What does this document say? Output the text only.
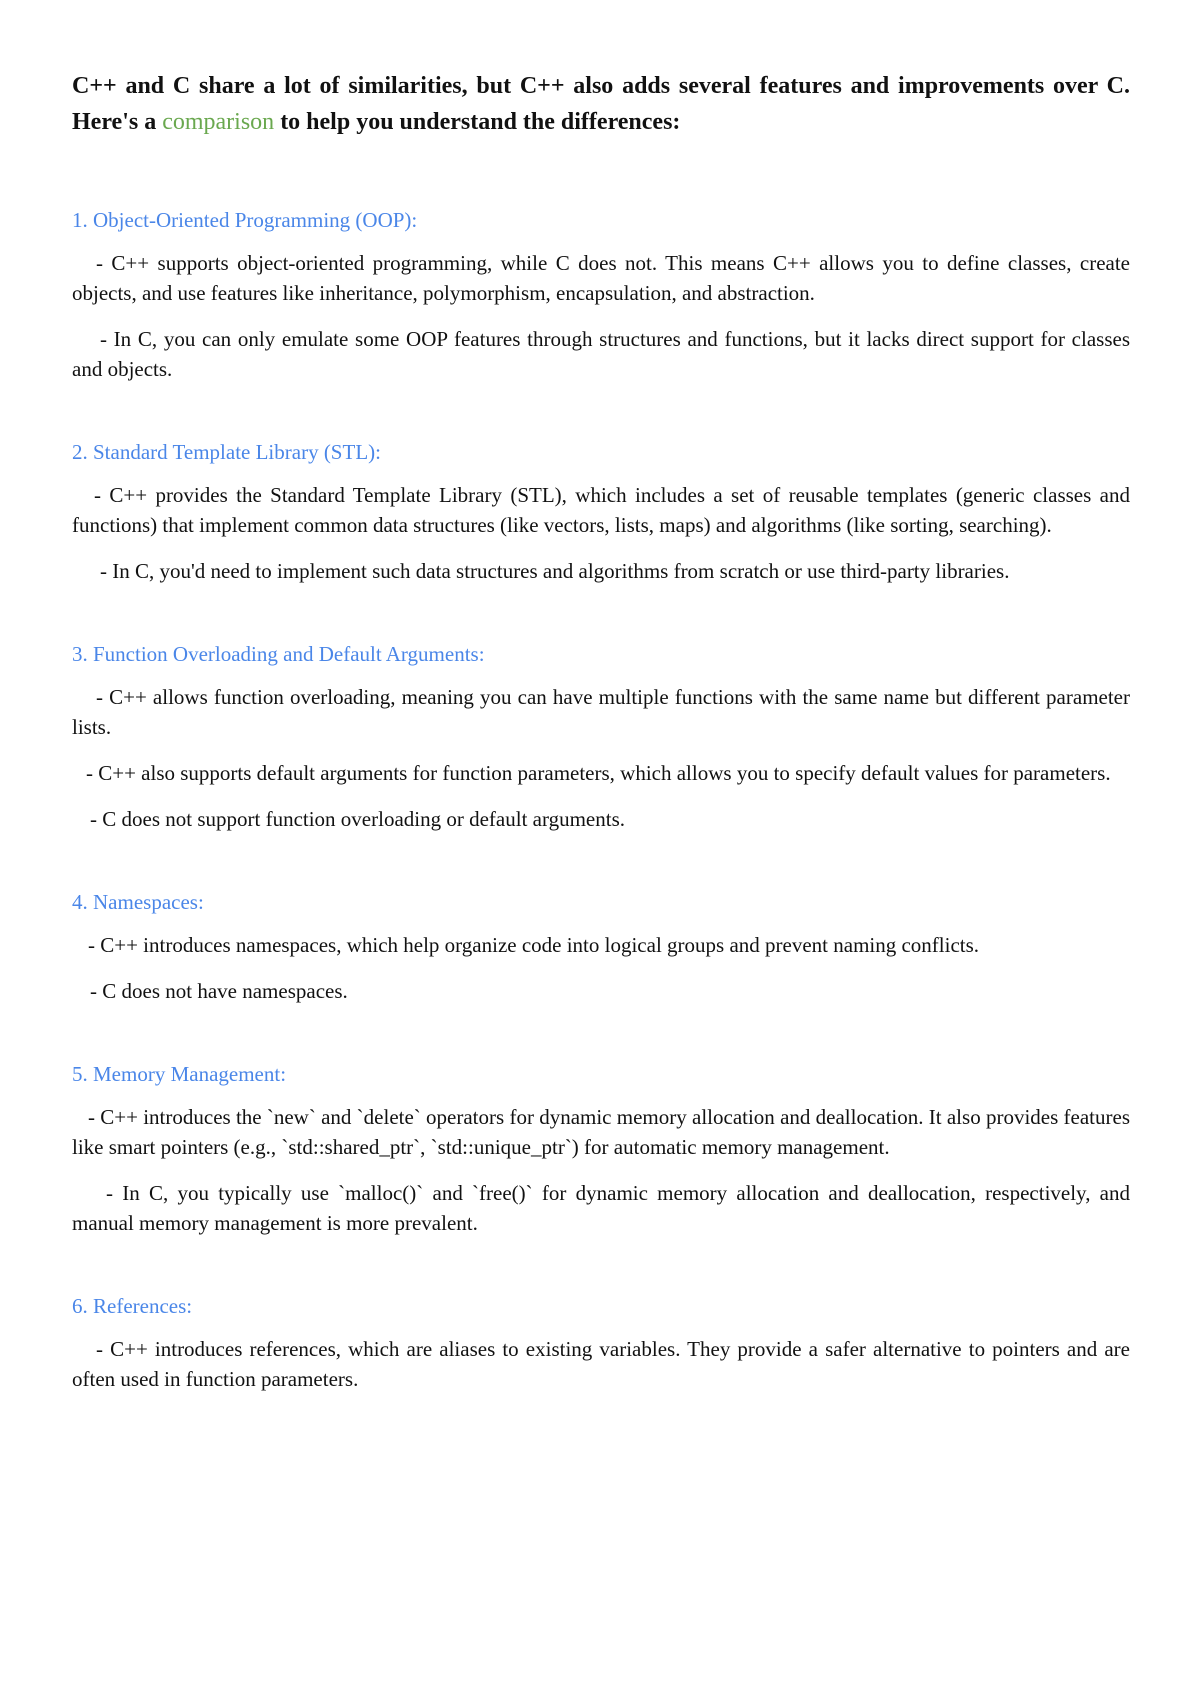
C++ and C share a lot of similarities, but C++ also adds several features and improvements over C. Here's a comparison to help you understand the differences:

1. Object-Oriented Programming (OOP):

- C++ supports object-oriented programming, while C does not. This means C++ allows you to define classes, create objects, and use features like inheritance, polymorphism, encapsulation, and abstraction.

- In C, you can only emulate some OOP features through structures and functions, but it lacks direct support for classes and objects.

2. Standard Template Library (STL):

- C++ provides the Standard Template Library (STL), which includes a set of reusable templates (generic classes and functions) that implement common data structures (like vectors, lists, maps) and algorithms (like sorting, searching).

- In C, you'd need to implement such data structures and algorithms from scratch or use third-party libraries.

3. Function Overloading and Default Arguments:

- C++ allows function overloading, meaning you can have multiple functions with the same name but different parameter lists.

- C++ also supports default arguments for function parameters, which allows you to specify default values for parameters.

- C does not support function overloading or default arguments.

4. Namespaces:

- C++ introduces namespaces, which help organize code into logical groups and prevent naming conflicts.

- C does not have namespaces.

5. Memory Management:

- C++ introduces the `new` and `delete` operators for dynamic memory allocation and deallocation. It also provides features like smart pointers (e.g., `std::shared_ptr`, `std::unique_ptr`) for automatic memory management.

- In C, you typically use `malloc()` and `free()` for dynamic memory allocation and deallocation, respectively, and manual memory management is more prevalent.

6. References:

- C++ introduces references, which are aliases to existing variables. They provide a safer alternative to pointers and are often used in function parameters.
